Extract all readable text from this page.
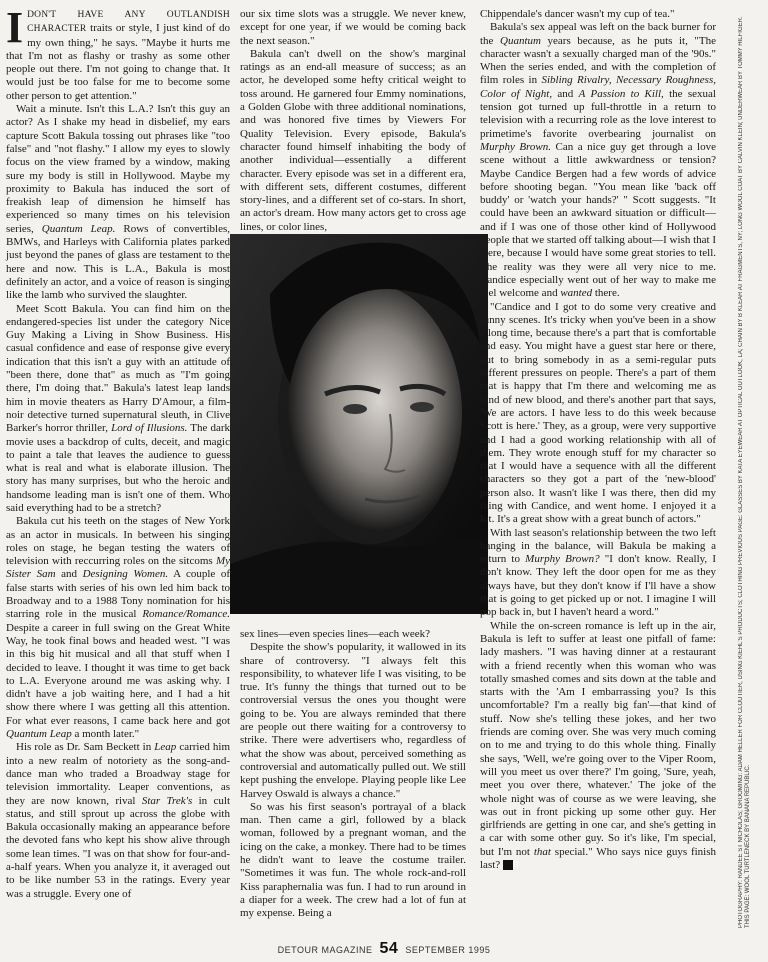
IDON'T HAVE ANY OUTLANDISH CHARACTER traits or style, I just kind of do my own thing," he says. "Maybe it hurts me that I'm not as flashy or trashy as some other people out there. I'm not going to change that. It would just be too false for me to become some other person to get attention."

Wait a minute. Isn't this L.A.? Isn't this guy an actor? As I shake my head in disbelief, my ears capture Scott Bakula tossing out phrases like "too false" and "not flashy." I allow my eyes to slowly focus on the view framed by a window, making sure my body is still in Hollywood. Maybe my proximity to Bakula has induced the sort of freakish leap of dimension he himself has experienced so many times on his television series, Quantum Leap. Rows of convertibles, BMWs, and Harleys with California plates parked just beyond the panes of glass are testament to the here and now. This is L.A., Bakula is most definitely an actor, and a voice of reason is singing like the lamb who survived the slaughter.

Meet Scott Bakula. You can find him on the endangered-species list under the category Nice Guy Making a Living in Show Business. His casual confidence and ease of response give every indication that this isn't a guy with an attitude of "been there, done that" as much as "I'm going there, I'm doing that." Bakula's latest leap lands him in movie theaters as Harry D'Amour, a film-noir detective turned supernatural sleuth, in Clive Barker's horror thriller, Lord of Illusions. The dark movie uses a backdrop of cults, deceit, and magic to paint a tale that leaves the audience to guess what is real and what is elaborate illusion. The story has many surprises, but who the heroic and handsome leading man is isn't one of them. Who said everything had to be a stretch?

Bakula cut his teeth on the stages of New York as an actor in musicals. In between his singing roles on stage, he began testing the waters of television with reccurring roles on the sitcoms My Sister Sam and Designing Women. A couple of false starts with series of his own led him back to Broadway and to a 1988 Tony nomination for his starring role in the musical Romance/Romance. Despite a career in full swing on the Great White Way, he took final bows and headed west. "I was in this big hit musical and all that stuff when I decided to leave. I thought it was time to get back to L.A. Everyone around me was asking why. I didn't have a job waiting here, and I had a hit show there where I was getting all this attention. For what ever reasons, I came back here and got Quantum Leap a month later."

His role as Dr. Sam Beckett in Leap carried him into a new realm of notoriety as the song-and-dance man who traded a Broadway stage for television immortality. Leaper conventions, as they are now known, rival Star Trek's in cult status, and still sprout up across the globe with Bakula occasionally making an appearance before the devoted fans who kept his show alive through some lean times. "I was on that show for four-and-a-half years. When you analyze it, it averaged out to be like number 53 in the ratings. Every year was a struggle. Every one of

our six time slots was a struggle. We never knew, except for one year, if we would be coming back the next season."

Bakula can't dwell on the show's marginal ratings as an end-all measure of success; as an actor, he developed some hefty critical weight to toss around. He garnered four Emmy nominations, a Golden Globe with three additional nominations, and was honored five times by Viewers For Quality Television. Every episode, Bakula's character found himself inhabiting the body of another individual—essentially a different character. Every episode was set in a different era, with different sets, different costumes, different story-lines, and a different set of co-stars. In short, an actor's dream. How many actors get to cross age lines, or color lines,

sex lines—even species lines—each week?

Despite the show's popularity, it wallowed in its share of controversy. "I always felt this responsibility, to whatever life I was visiting, to be true. It's funny the things that turned out to be controversial versus the ones you thought were going to be. You are always reminded that there are people out there waiting for a controversy to strike. There were advertisers who, regardless of what the show was about, perceived something as controversial and automatically pulled out. We still kept pushing the envelope. Playing people like Lee Harvey Oswald is always a chance."

So was his first season's portrayal of a black man. Then came a girl, followed by a black woman, followed by a pregnant woman, and the icing on the cake, a monkey. There had to be times he didn't want to leave the costume trailer. "Sometimes it was fun. The whole rock-and-roll Kiss paraphernalia was fun. I had to run around in a diaper for a week. The crew had a lot of fun at my expense. Being a

Chippendale's dancer wasn't my cup of tea."

Bakula's sex appeal was left on the back burner for the Quantum years because, as he puts it, "The character wasn't a sexually charged man of the '90s." When the series ended, and with the completion of film roles in Sibling Rivalry, Necessary Roughness, Color of Night, and A Passion to Kill, the sexual tension got turned up full-throttle in a return to television with a recurring role as the love interest to primetime's favorite overbearing journalist on Murphy Brown. Can a nice guy get through a love scene without a little awkwardness or tension? Maybe Candice Bergen had a few words of advice before shooting began. "You mean like 'back off buddy' or 'watch your hands?' " Scott suggests. "It could have been an awkward situation or difficult—and if I was one of those other kind of Hollywood people that we started off talking about—I wish that I were, because I would have some great stories to tell. The reality was they were all very nice to me. Candice especially went out of her way to make me feel welcome and wanted there.

"Candice and I got to do some very creative and funny scenes. It's tricky when you've been in a show a long time, because there's a part that is comfortable and easy. You might have a guest star here or there, but to bring somebody in as a semi-regular puts different pressures on people. There's a part of them that is happy that I'm there and welcoming me as kind of new blood, and there's another part that says, 'We are actors. I have less to do this week because Scott is here.' They, as a group, were very supportive and I had a good working relationship with all of them. They wrote enough stuff for my character so that I would have a sequence with all the different characters so they got a part of the 'new-blood' person also. It wasn't like I was there, then did my thing with Candice, and went home. I enjoyed it a lot. It's a great show with a great bunch of actors."

With last season's relationship between the two left hanging in the balance, will Bakula be making a return to Murphy Brown? "I don't know. Really, I don't know. They left the door open for me as they always have, but they don't know if I'll have a show that is going to get picked up or not. I imagine I will pop back in, but I haven't heard a word."

While the on-screen romance is left up in the air, Bakula is left to suffer at least one pitfall of fame: lady mashers. "I was having dinner at a restaurant with a friend recently when this woman who was totally smashed comes and sits down at the table and starts with the 'Am I embarrassing you? Is this uncomfortable? I'm a really big fan'—that kind of stuff. Now she's telling these jokes, and her two friends are coming over. She was very much coming on to me and trying to do this whole thing. Finally she says, 'Well, we're going over to the Viper Room, will you meet us over there?' I'm going, 'Sure, yeah, meet you over there, whatever.' The joke of the whole night was of course as we were leaving, she was out in front picking up some other guy. Her girlfriends are getting in one car, and she's getting in a car with some other guy. So it's like, I'm special, but I'm not that special." Who says nice guys finish last? D	PHOTOGRAPHY: RANDEE ST NICHOLAS; GROOMING: ADAM HELLER FOR CLOUTIER, USING KIEHL'S PRODUCTS; CLOTHING PREVIOUS PAGE: GLASSES BY KATA EYEWEAR AT OPTICAL OUTLOOK, LA; CHAIN BY B KLEAR AT FRAGMENTS, NY; LONG WOOL COAT BY CALVIN KLEIN; UNDERWEAR BY TOMMY HILFIGER. THIS PAGE: WOOL TURTLENECK BY BANANA REPUBLIC.
DETOUR MAGAZINE 54 SEPTEMBER 1995
